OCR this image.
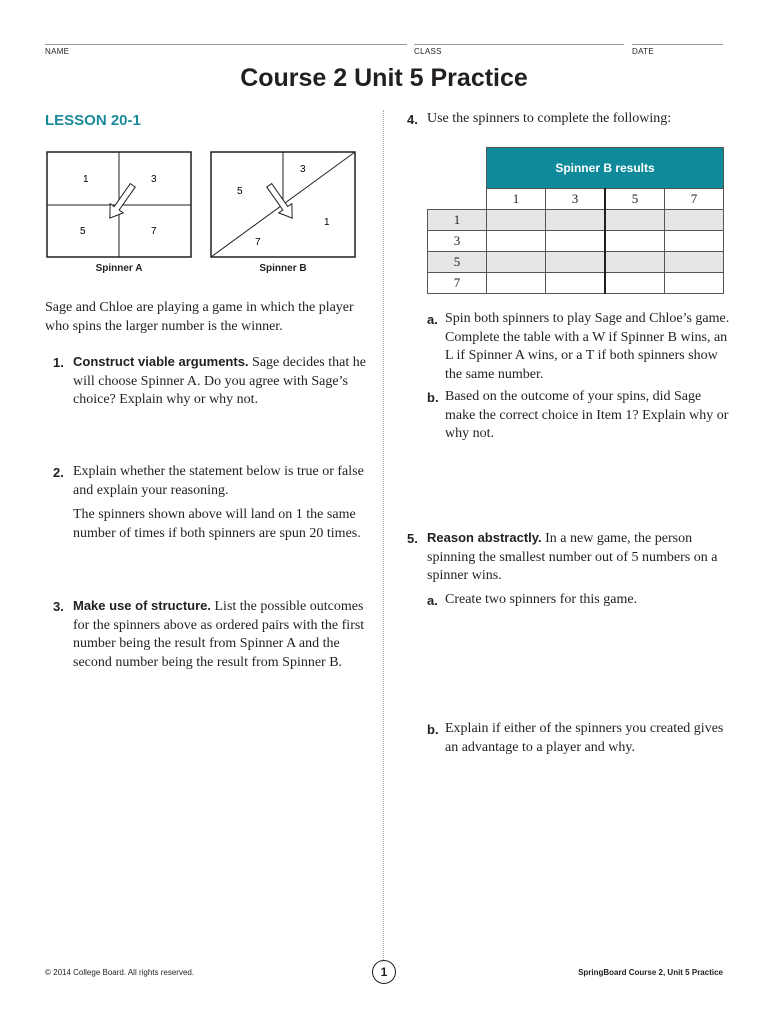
NAME	CLASS	DATE
Course 2 Unit 5 Practice
LESSON 20-1
1	3
5	7
Spinner A
3
5
1
7
Spinner B
Sage and Chloe are playing a game in which the player who spins the larger number is the winner.
1. Construct viable arguments. Sage decides that he will choose Spinner A. Do you agree with Sage’s choice? Explain why or why not.
2. Explain whether the statement below is true or false and explain your reasoning.
The spinners shown above will land on 1 the same number of times if both spinners are spun 20 times.
3. Make use of structure. List the possible outcomes for the spinners above as ordered pairs with the first number being the result from Spinner A and the second number being the result from Spinner B.
4. Use the spinners to complete the following:
	Spinner B results			
	1	3	5	7
1				
3				
5				
7				
a. Spin both spinners to play Sage and Chloe’s game. Complete the table with a W if Spinner B wins, an L if Spinner A wins, or a T if both spinners show the same number.
b. Based on the outcome of your spins, did Sage make the correct choice in Item 1? Explain why or why not.
5. Reason abstractly. In a new game, the person spinning the smallest number out of 5 numbers on a spinner wins.
a. Create two spinners for this game.
b. Explain if either of the spinners you created gives an advantage to a player and why.
© 2014 College Board. All rights reserved.	1	SpringBoard Course 2, Unit 5 Practice
